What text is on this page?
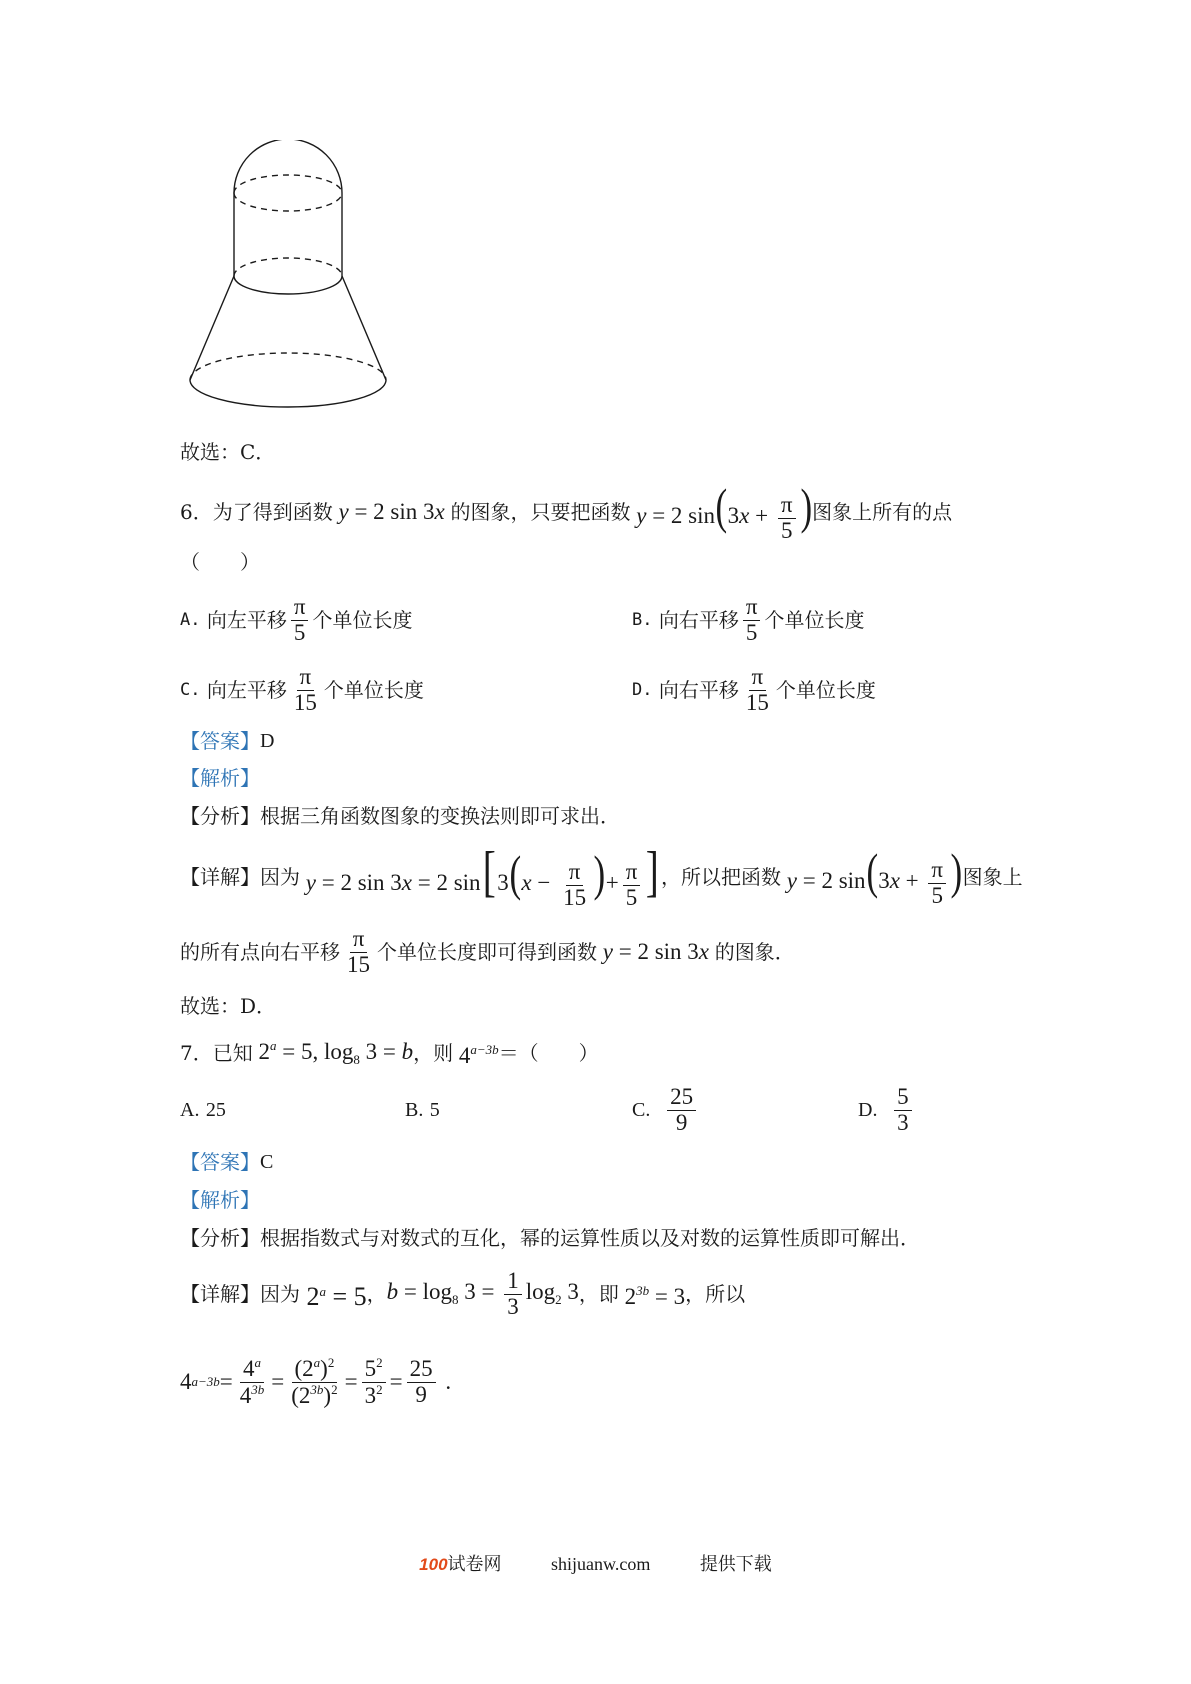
故选：C．
6．为了得到函数 y = 2 sin 3x 的图象，只要把函数 y = 2 $\sin(3x + \frac{\pi}{5}$ ) 图象上所有的点
（　　）
A.
向左平移 $\frac{\pi}{5}$ 个单位长度	B.
向右平移 $\frac{\pi}{5}$ 个单位长度
C.
向左平移 $\frac{\pi}{15}$ 个单位长度	D.
向右平移 $\frac{\pi}{15}$ 个单位长度
【答案】 D
【解析】
【分析】 根据三角函数图象的变换法则即可求出．
【详解】 因为 y = 2 sin 3x = 2 $\sin[3(x - \frac{\pi}{15}$ )+ $\frac{\pi}{5}$ ] ，所以把函数 y = 2 $\sin(3x + \frac{\pi}{5}$ ) 图象上
的所有点向右平移 $\frac{\pi}{15}$ 个单位长度即可得到函数 y = 2 sin 3x 的图象．
故选：D．
7．已知 $2^a = 5$, $\log_8 3 = b$ ，则 $4^{a-3b}$ ＝（　　）
A.
25	B.
5	C.
$\frac{25}{9}$	D.
$\frac{5}{3}$
【答案】 C
【解析】
【分析】 根据指数式与对数式的互化，幂的运算性质以及对数的运算性质即可解出．
【详解】 因为 $2^a = 5$ ， $b = \log_8 3 = \frac{1}{3} \log_2 3$ ，即 $2^{3b} = 3$ ，所以
4 $a-3b = \frac{4^a}{4^{3b}} = \frac{(2^a)^2}{(2^{3b})^2} = \frac{5^2}{3^2} = \frac{25}{9}$ .
100试卷网	shijuanw.com	提供下载
